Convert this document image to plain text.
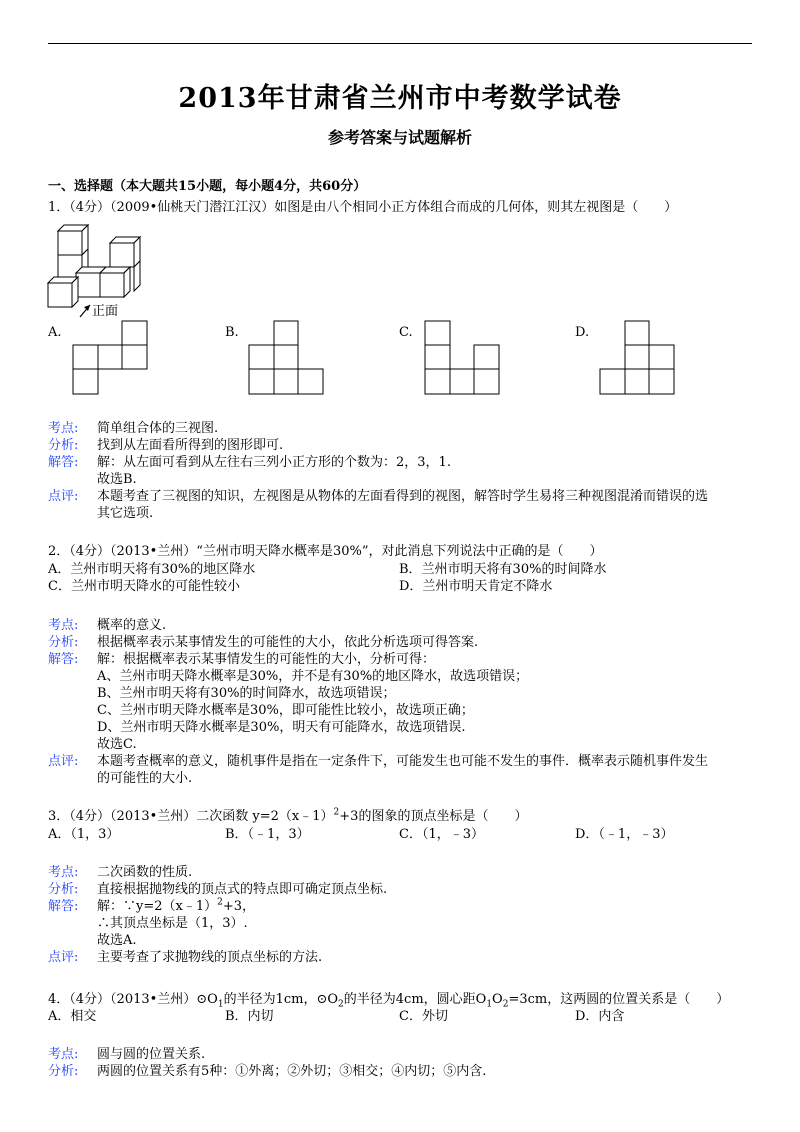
2013年甘肃省兰州市中考数学试卷
参考答案与试题解析
一、选择题（本大题共15小题，每小题4分，共60分）
1．（4分）（2009•仙桃天门潜江江汉）如图是由八个相同小正方体组合而成的几何体，则其左视图是（　　）
正面
A.	B.	C.	D.
考点: 简单组合体的三视图.
分析: 找到从左面看所得到的图形即可.
解答: 解：从左面可看到从左往右三列小正方形的个数为：2，3，1.
故选B.
点评: 本题考查了三视图的知识，左视图是从物体的左面看得到的视图，解答时学生易将三种视图混淆而错误的选
其它选项.
2．（4分）（2013•兰州）“兰州市明天降水概率是30%”，对此消息下列说法中正确的是（　　）
A．兰州市明天将有30%的地区降水	B．兰州市明天将有30%的时间降水
C．兰州市明天降水的可能性较小	D．兰州市明天肯定不降水
考点: 概率的意义.
分析: 根据概率表示某事情发生的可能性的大小，依此分析选项可得答案.
解答: 解：根据概率表示某事情发生的可能性的大小，分析可得：
A、兰州市明天降水概率是30%，并不是有30%的地区降水，故选项错误；
B、兰州市明天将有30%的时间降水，故选项错误；
C、兰州市明天降水概率是30%，即可能性比较小，故选项正确；
D、兰州市明天降水概率是30%，明天有可能降水，故选项错误.
故选C.
点评: 本题考查概率的意义，随机事件是指在一定条件下，可能发生也可能不发生的事件．概率表示随机事件发生
的可能性的大小.
3．（4分）（2013•兰州）二次函数 y=2（x﹣1）$^2$+3的图象的顶点坐标是（　　）
A．（1，3）	B．（﹣1，3）	C．（1，﹣3）	D．（﹣1，﹣3）
考点: 二次函数的性质.
分析: 直接根据抛物线的顶点式的特点即可确定顶点坐标.
解答: 解：∵y=2（x﹣1）$^2$+3，
∴其顶点坐标是（1，3）.
故选A.
点评: 主要考查了求抛物线的顶点坐标的方法.
4．（4分）（2013•兰州）$⊙O_1$的半径为1cm，$⊙O_2$的半径为4cm，圆心距$O_1O_2=3cm$，这两圆的位置关系是（　　）
A．相交	B．内切	C．外切	D．内含
考点: 圆与圆的位置关系.
分析: 两圆的位置关系有5种：①外离；②外切；③相交；④内切；⑤内含.
